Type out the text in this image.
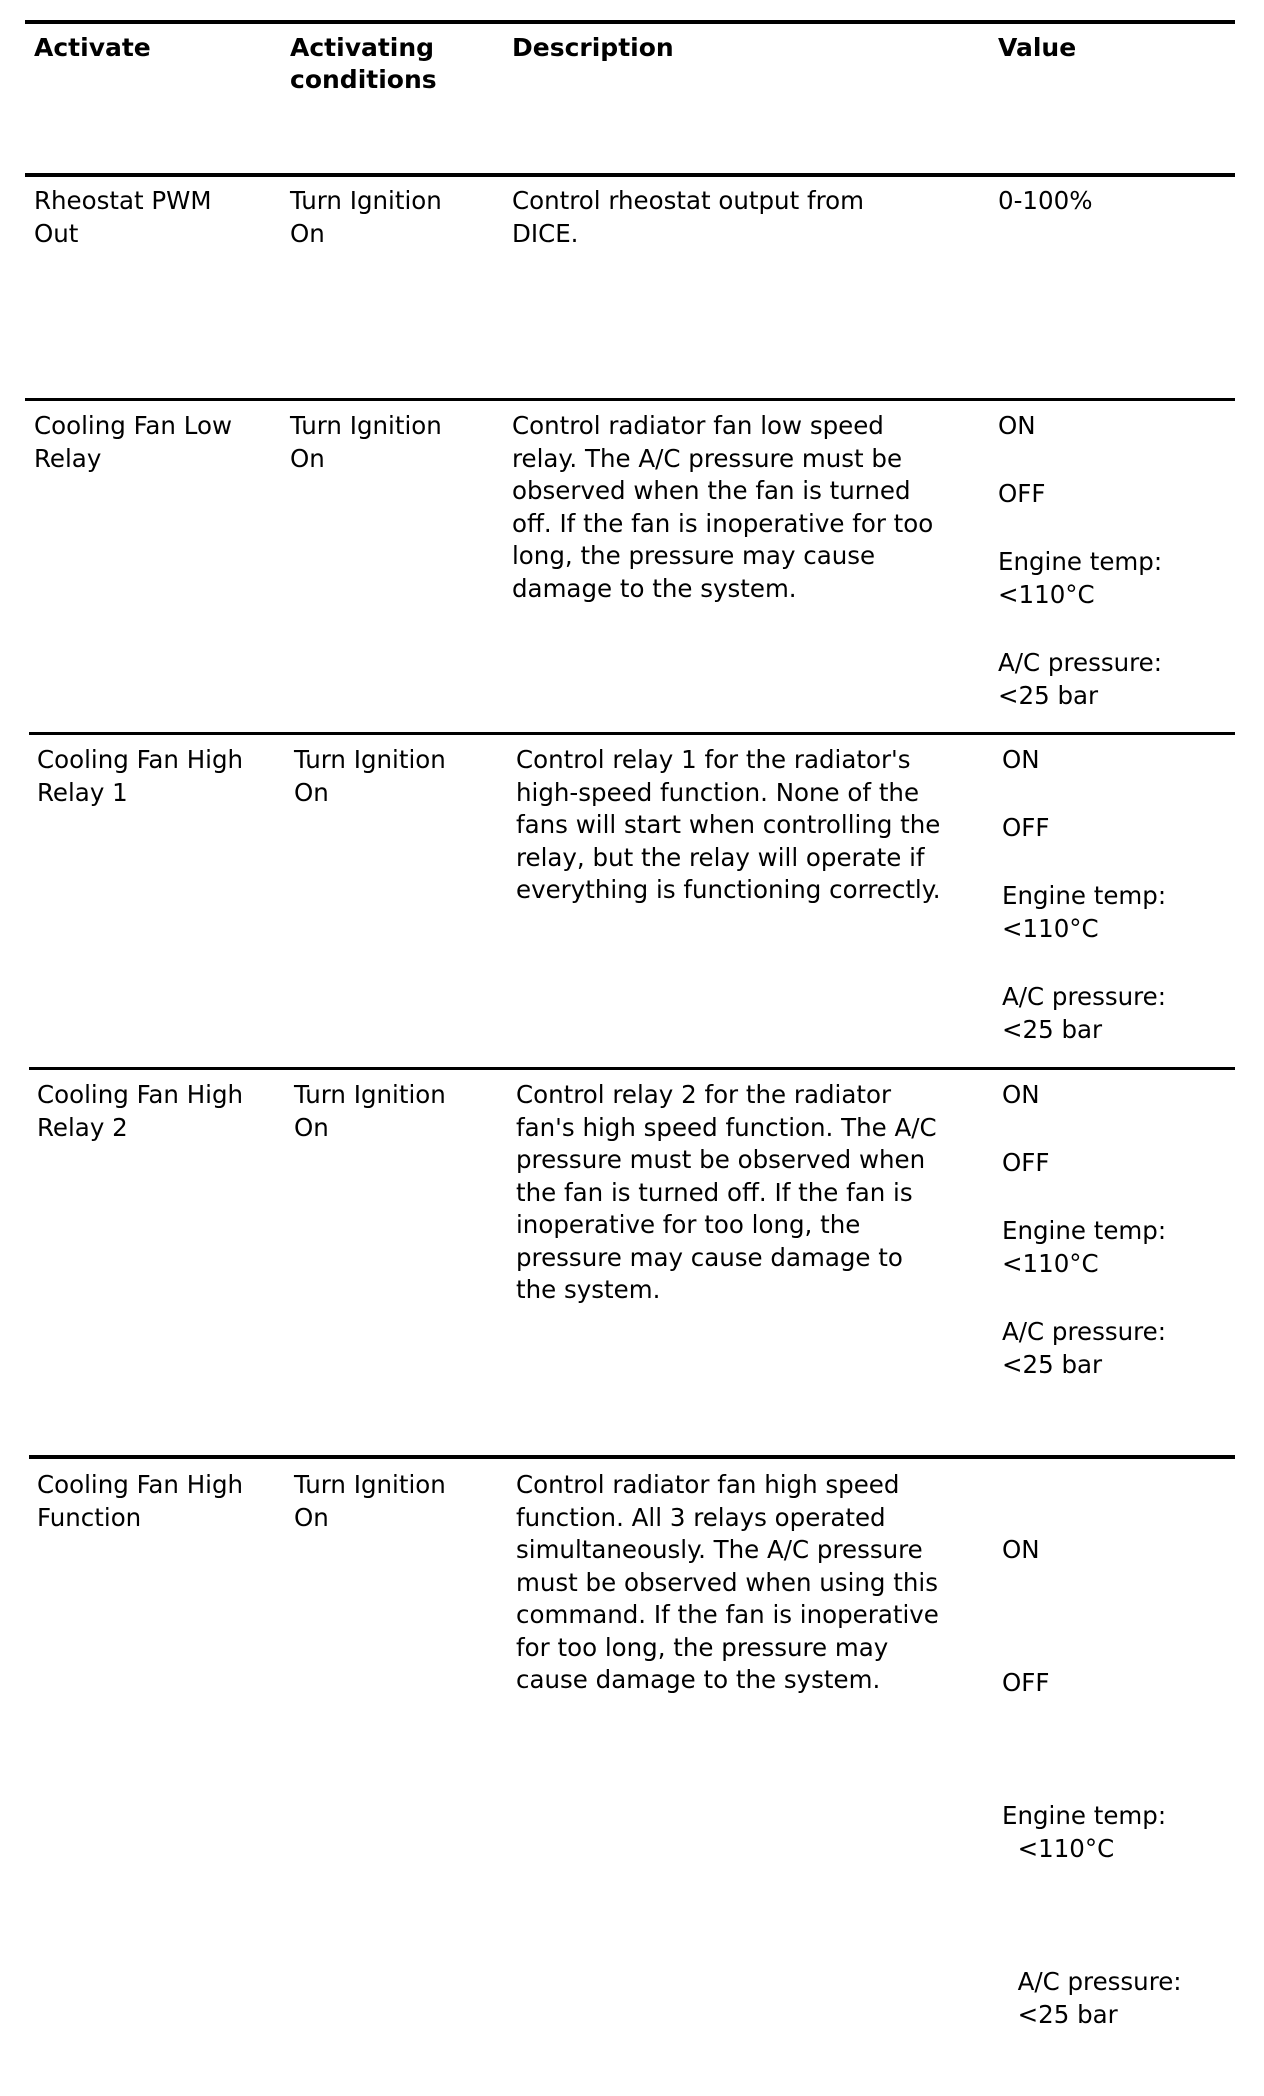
Activate	Activating
conditions
Description	Value
Rheostat PWM
Out
Turn Ignition
On
Control rheostat output from
DICE.
0-100%
Cooling Fan Low
Relay
Turn Ignition
On
Control radiator fan low speed
relay. The A/C pressure must be
observed when the fan is turned
off. If the fan is inoperative for too
long, the pressure may cause
damage to the system.
ON
OFF
Engine temp:
<110°C
A/C pressure:
<25 bar
Cooling Fan High
Relay 1
Turn Ignition
On
Control relay 1 for the radiator's
high-speed function. None of the
fans will start when controlling the
relay, but the relay will operate if
everything is functioning correctly.
ON
OFF
Engine temp:
<110°C
A/C pressure:
<25 bar
Cooling Fan High
Relay 2
Turn Ignition
On
Control relay 2 for the radiator
fan's high speed function. The A/C
pressure must be observed when
the fan is turned off. If the fan is
inoperative for too long, the
pressure may cause damage to
the system.
ON
OFF
Engine temp:
<110°C
A/C pressure:
<25 bar
Cooling Fan High
Function
Turn Ignition
On
Control radiator fan high speed
function. All 3 relays operated
simultaneously. The A/C pressure
must be observed when using this
command. If the fan is inoperative
for too long, the pressure may
cause damage to the system.

ON

OFF

Engine temp:
<110°C

A/C pressure:
<25 bar
